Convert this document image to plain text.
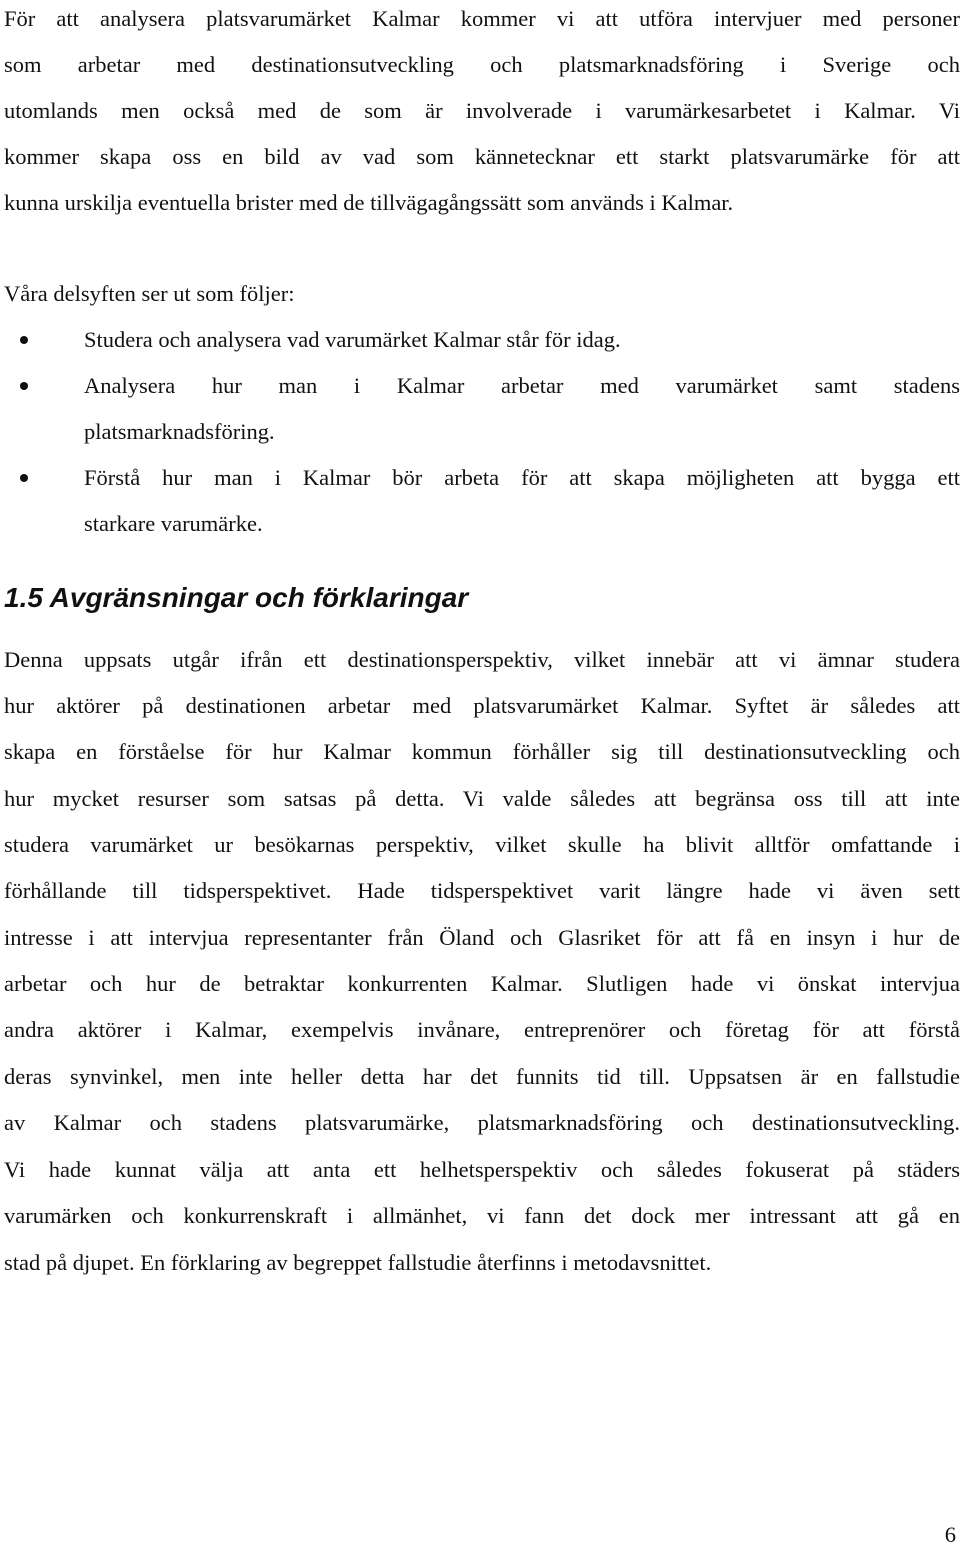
För att analysera platsvarumärket Kalmar kommer vi att utföra intervjuer med personer
som arbetar med destinationsutveckling och platsmarknadsföring i Sverige och
utomlands men också med de som är involverade i varumärkesarbetet i Kalmar. Vi
kommer skapa oss en bild av vad som kännetecknar ett starkt platsvarumärke för att
kunna urskilja eventuella brister med de tillvägagångssätt som används i Kalmar.
Våra delsyften ser ut som följer:
Studera och analysera vad varumärket Kalmar står för idag.
Analysera hur man i Kalmar arbetar med varumärket samt stadens
platsmarknadsföring.
Förstå hur man i Kalmar bör arbeta för att skapa möjligheten att bygga ett
starkare varumärke.
1.5 Avgränsningar och förklaringar
Denna uppsats utgår ifrån ett destinationsperspektiv, vilket innebär att vi ämnar studera
hur aktörer på destinationen arbetar med platsvarumärket Kalmar. Syftet är således att
skapa en förståelse för hur Kalmar kommun förhåller sig till destinationsutveckling och
hur mycket resurser som satsas på detta. Vi valde således att begränsa oss till att inte
studera varumärket ur besökarnas perspektiv, vilket skulle ha blivit alltför omfattande i
förhållande till tidsperspektivet. Hade tidsperspektivet varit längre hade vi även sett
intresse i att intervjua representanter från Öland och Glasriket för att få en insyn i hur de
arbetar och hur de betraktar konkurrenten Kalmar. Slutligen hade vi önskat intervjua
andra aktörer i Kalmar, exempelvis invånare, entreprenörer och företag för att förstå
deras synvinkel, men inte heller detta har det funnits tid till. Uppsatsen är en fallstudie
av Kalmar och stadens platsvarumärke, platsmarknadsföring och destinationsutveckling.
Vi hade kunnat välja att anta ett helhetsperspektiv och således fokuserat på städers
varumärken och konkurrenskraft i allmänhet, vi fann det dock mer intressant att gå en
stad på djupet. En förklaring av begreppet fallstudie återfinns i metodavsnittet.
6
